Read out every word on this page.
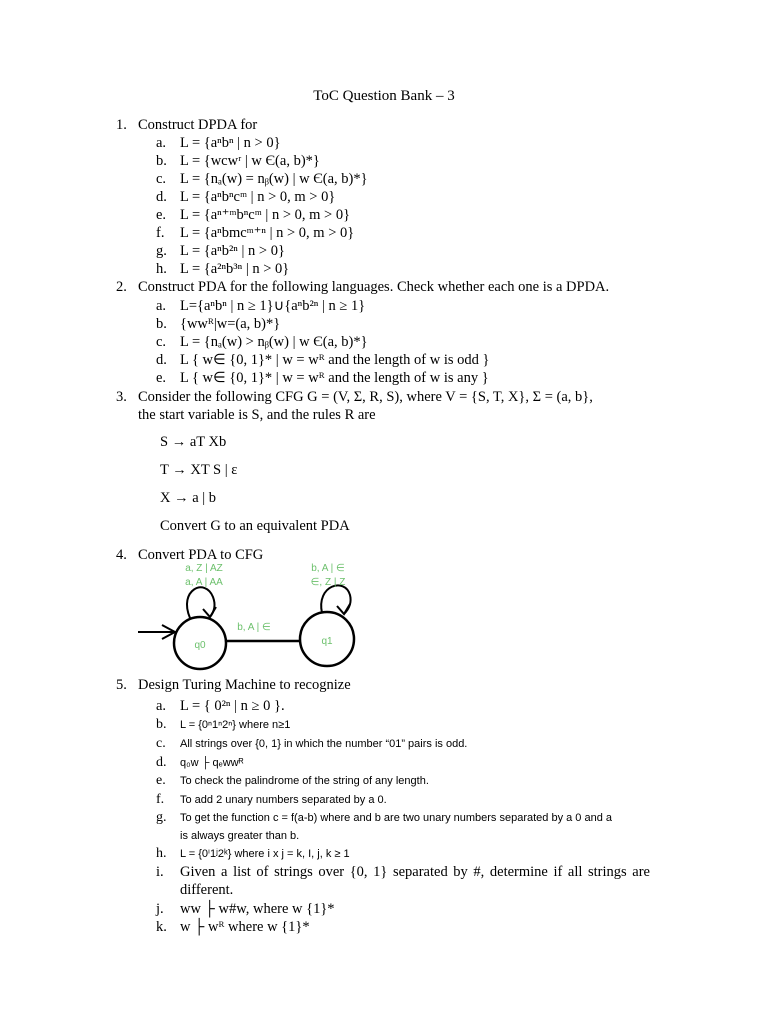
ToC Question Bank – 3
1. Construct DPDA for
a. L = {aⁿbⁿ | n > 0}
b. L = {wcwʳ | w Є(a, b)*}
c. L = {nₐ(w) = nᵦ(w) | w Є(a, b)*}
d. L = {aⁿbⁿcᵐ | n > 0, m > 0}
e. L = {aⁿ⁺ᵐbⁿcᵐ | n > 0, m > 0}
f. L = {aⁿbmcᵐ⁺ⁿ | n > 0, m > 0}
g. L = {aⁿb²ⁿ | n > 0}
h. L = {a²ⁿb³ⁿ | n > 0}
2. Construct PDA for the following languages. Check whether each one is a DPDA.
a. L={aⁿbⁿ | n ≥ 1}∪{aⁿb²ⁿ | n ≥ 1}
b. {wwᴿ|w=(a, b)*}
c. L = {nₐ(w) > nᵦ(w) | w Є(a, b)*}
d. L { w∈ {0, 1}* | w = wᴿ and the length of w is odd }
e. L { w∈ {0, 1}* | w = wᴿ and the length of w is any }
3. Consider the following CFG G = (V, Σ, R, S), where V = {S, T, X}, Σ = (a, b},
the start variable is S, and the rules R are
S → aT Xb
T → XT S | ε
X → a | b
Convert G to an equivalent PDA
4. Convert PDA to CFG
q0
a, Z | AZ
a, A | AA
b, A | ∈
q1
b, A | ∈
∈, Z | Z
5. Design Turing Machine to recognize
a. L = { 0²ⁿ | n ≥ 0 }.
b. L = {0ⁿ1ⁿ2ⁿ} where n≥1
c. All strings over {0, 1} in which the number “01” pairs is odd.
d. q₀w ├ qₑwwᴿ
e. To check the palindrome of the string of any length.
f. To add 2 unary numbers separated by a 0.
g. To get the function c = f(a-b) where and b are two unary numbers separated by a 0 and a
is always greater than b.
h. L = {0ⁱ1ʲ2ᵏ} where i x j = k, I, j, k ≥ 1
i. Given a list of strings over {0, 1} separated by #, determine if all strings are different.
j. ww ├ w#w, where w {1}*
k. w ├ wᴿ where w {1}*
